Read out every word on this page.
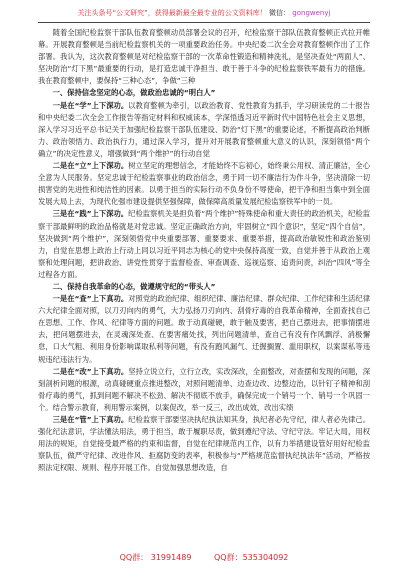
关注头条号“公文研究”，获得最新最全最专业的公文资料库！ 微信： gongwenyj

随着全国纪检监察干部队伍教育整顿动员部署会议的召开，纪检监察干部队伍教育整顿正式拉开帷幕。开展教育整顿是当前纪检监察机关的一项重要政治任务。中央纪委二次全会对教育整顿作出了工作部署。我认为，这次教育整顿是对纪检监察干部的一次革命性锻造和精神洗礼，是坚决查处“两面人”、坚决防治“灯下黑”最重要的行动，是打造忠诚干净担当、敢于善于斗争的纪检监察铁军最有力的措施。我在教育整顿中，要保持“三种心态”，争做“三种

一、保持信念坚定的心态，做政治忠诚的“明白人”

一是在“学”上下深功。以教育整顿为牵引，以政治教育、党性教育为抓手，学习研读党的二十报告和中央纪委二次全会工作报告等指定材料和权威读本，学深悟透习近平新时代中国特色社会主义思想，深入学习习近平总书记关于加强纪检监察干部队伍建设、防治“灯下黑”的重要论述，不断提高政治判断力、政治领悟力、政治执行力，通过深入学习，提升对开展教育整顿重大意义的认识，深刻领悟“两个确立”的决定性意义，增强做到“两个维护”的行动自觉

二是在“立”上下深功。树立坚定的理想信念，才能始终不忘初心，始终秉公用权、清正廉洁，全心全意为人民服务。坚定忠诚于纪检监察事业的政治信念，勇于同一切不廉洁行为作斗争，坚决清除一切损害党的先进性和纯洁性的因素。以勇于担当的实际行动不负身份不辱使命，把干净和担当集中到全面发展大局上去，为现代化强市建设提供坚强保障，做保障高质量发展纪检监察铁军中的一员。

三是在“践”上下深功。纪检监察机关是担负着“两个维护”特殊使命和重大责任的政治机关，纪检监察干部最鲜明的政治品格就是对党忠诚。坚定正确政治方向，牢固树立“四个意识”，坚定“四个自信”，坚决做到“两个维护”，深刻领悟党中央重要部署、重要要求、重要举措，提高政治敏锐性和政治鉴别力，自觉在思想上政治上行动上同以习近平同志为核心的党中央保持高度一致，自觉并善于从政治上观察和处理问题，把讲政治、讲党性贯穿于监督检查、审查调查、巡视巡察、追责问责，纠治“四风”等全过程各方面。

二、保持自我革命的心态，做遵规守纪的“带头人”

一是在“查”上下真功。对照党的政治纪律、组织纪律、廉洁纪律、群众纪律、工作纪律和生活纪律六大纪律全面对照，以刀刃向内的勇气，大力弘扬刀刃向内、刮骨疗毒的自我革命精神，全面查找自己在思想、工作、作风、纪律等方面的问题。敢于动真碰硬，敢于触及要害，把自己摆进去，把事情摆进去，把问题摆进去，在灵魂深处查、在要害痛处找，列出问题清单，查自己有没有作风飘浮、消极懈怠，口大气粗、利用身份影响谋取私利等问题，有没有跑风漏气、迁握搁置、滥用职权，以案谋私等违规违纪违法行为。

二是在“改”上下真功。坚持立说立行，立行立改，实改深改，全面整改，对查摆和发现的问题，深刻剖析问题的根源，动真碰硬重点推进整改，对照问题清单、边查边改、边整边治，以针钉子精神和刮骨疗毒的勇气，抓到问题不解决不松劲、解决不彻底不放手，确保完成一个销号一个、销号一个巩固一个。结合警示教育，利用警示案例，以案促改，举一反三，改出成效，改出实绩

三是在“管”上下真功。纪检监察干部要坚决执纪执法知其身，执纪者必先守纪，律人者必先律己。强化纪法意识，学法懂法用法，勇于担当，敢于履职尽责，做到遵纪守法、守纪守法。牢记大局，用权用法的规矩，自觉接受最严格的约束和监督，自觉在纪律规范内工作，以有力举措建设管好用好纪检监察队伍，做严守纪律、改进作风、拒腐防变的表率，积极参与“严格规范监督执纪执法年”活动，严格按照法定权限、规则、程序开展工作。自觉加强思想改造，自

QQ群： 31991489	QQ群：535304092
